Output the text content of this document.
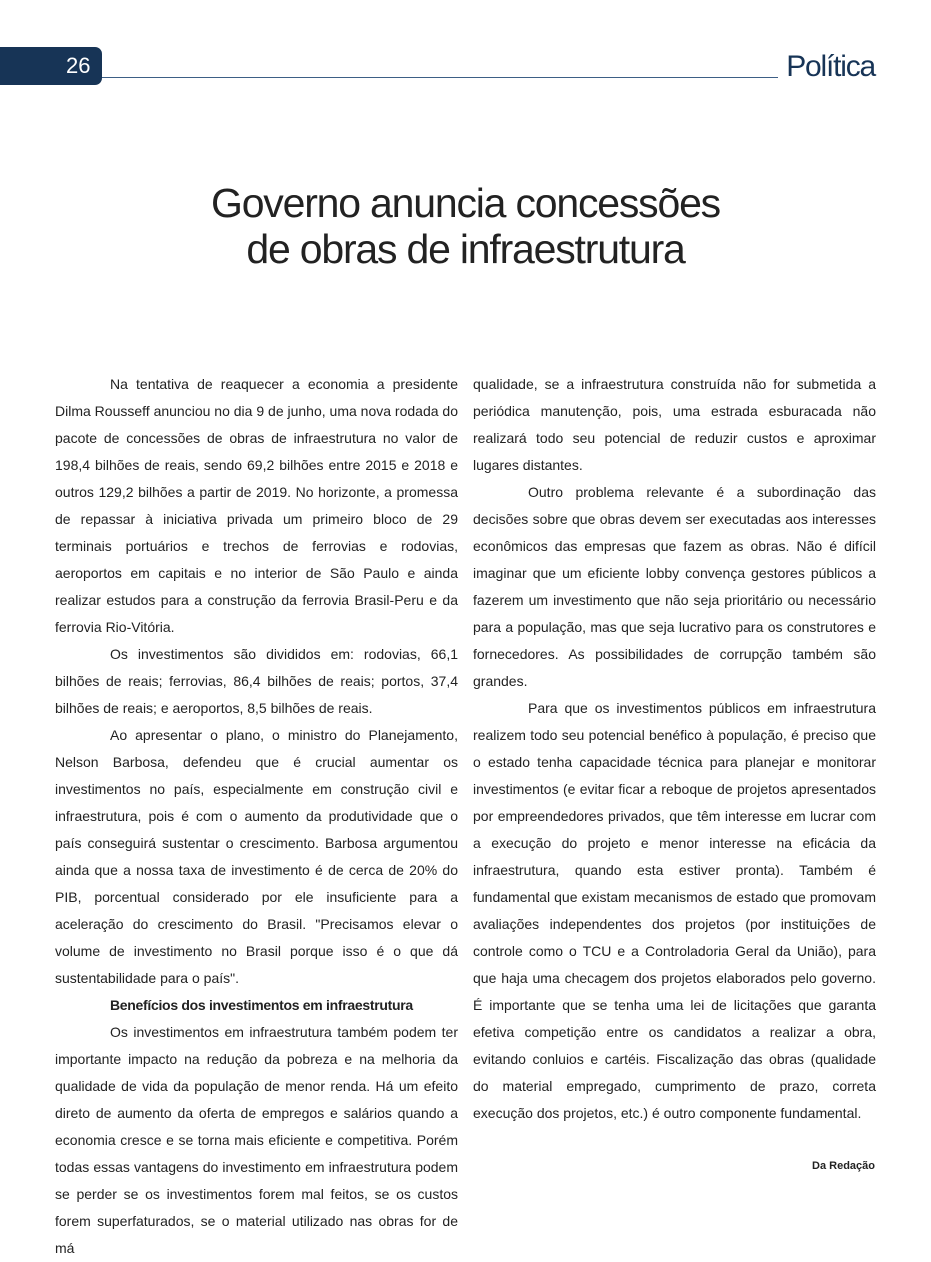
26	Política
Governo anuncia concessões
de obras de infraestrutura

Na tentativa de reaquecer a economia a presidente Dilma Rousseff anunciou no dia 9 de junho, uma nova rodada do pacote de concessões de obras de infraestrutura no valor de 198,4 bilhões de reais, sendo 69,2 bilhões entre 2015 e 2018 e outros 129,2 bilhões a partir de 2019. No horizonte, a promessa de repassar à iniciativa privada um primeiro bloco de 29 terminais portuários e trechos de ferrovias e rodovias, aeroportos em capitais e no interior de São Paulo e ainda realizar estudos para a construção da ferrovia Brasil-Peru e da ferrovia Rio-Vitória.

Os investimentos são divididos em: rodovias, 66,1 bilhões de reais; ferrovias, 86,4 bilhões de reais; portos, 37,4 bilhões de reais; e aeroportos, 8,5 bilhões de reais.

Ao apresentar o plano, o ministro do Planejamento, Nelson Barbosa, defendeu que é crucial aumentar os investimentos no país, especialmente em construção civil e infraestrutura, pois é com o aumento da produtividade que o país conseguirá sustentar o crescimento. Barbosa argumentou ainda que a nossa taxa de investimento é de cerca de 20% do PIB, porcentual considerado por ele insuficiente para a aceleração do crescimento do Brasil. "Precisamos elevar o volume de investimento no Brasil porque isso é o que dá sustentabilidade para o país".

Benefícios dos investimentos em infraestrutura

Os investimentos em infraestrutura também podem ter importante impacto na redução da pobreza e na melhoria da qualidade de vida da população de menor renda. Há um efeito direto de aumento da oferta de empregos e salários quando a economia cresce e se torna mais eficiente e competitiva. Porém todas essas vantagens do investimento em infraestrutura podem se perder se os investimentos forem mal feitos, se os custos forem superfaturados, se o material utilizado nas obras for de má

qualidade, se a infraestrutura construída não for submetida a periódica manutenção, pois, uma estrada esburacada não realizará todo seu potencial de reduzir custos e aproximar lugares distantes.

Outro problema relevante é a subordinação das decisões sobre que obras devem ser executadas aos interesses econômicos das empresas que fazem as obras. Não é difícil imaginar que um eficiente lobby convença gestores públicos a fazerem um investimento que não seja prioritário ou necessário para a população, mas que seja lucrativo para os construtores e fornecedores. As possibilidades de corrupção também são grandes.

Para que os investimentos públicos em infraestrutura realizem todo seu potencial benéfico à população, é preciso que o estado tenha capacidade técnica para planejar e monitorar investimentos (e evitar ficar a reboque de projetos apresentados por empreendedores privados, que têm interesse em lucrar com a execução do projeto e menor interesse na eficácia da infraestrutura, quando esta estiver pronta). Também é fundamental que existam mecanismos de estado que promovam avaliações independentes dos projetos (por instituições de controle como o TCU e a Controladoria Geral da União), para que haja uma checagem dos projetos elaborados pelo governo. É importante que se tenha uma lei de licitações que garanta efetiva competição entre os candidatos a realizar a obra, evitando conluios e cartéis. Fiscalização das obras (qualidade do material empregado, cumprimento de prazo, correta execução dos projetos, etc.) é outro componente fundamental.

Da Redação
